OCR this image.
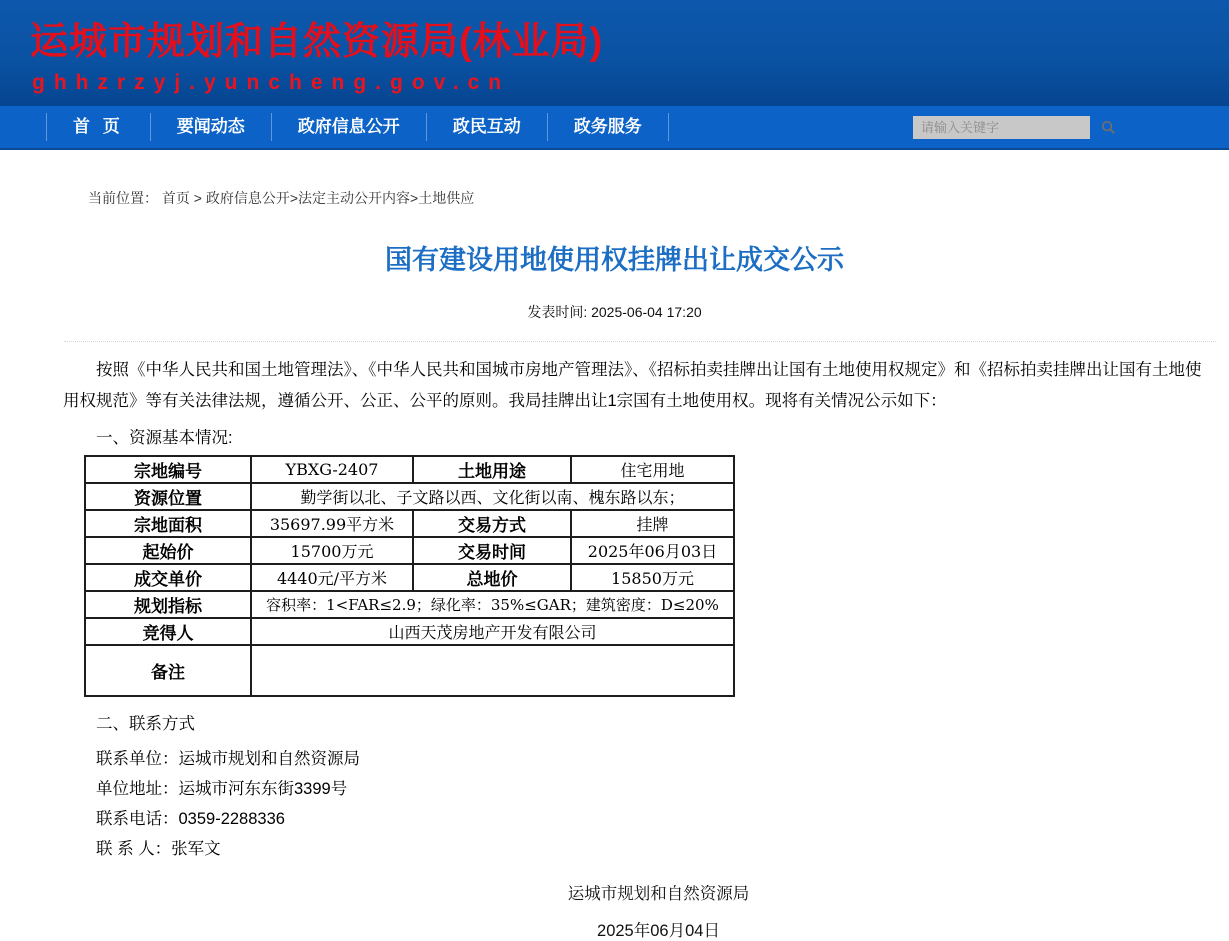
运城市规划和自然资源局(林业局)
ghhzrzyj.yuncheng.gov.cn
首 页	要闻动态	政府信息公开	政民互动	政务服务
请输入关键字
当前位置： 首页 > 政府信息公开>法定主动公开内容>土地供应
国有建设用地使用权挂牌出让成交公示
发表时间: 2025-06-04 17:20

按照《中华人民共和国土地管理法》、《中华人民共和国城市房地产管理法》、《招标拍卖挂牌出让国有土地使用权规定》和《招标拍卖挂牌出让国有土地使用权规范》等有关法律法规，遵循公开、公正、公平的原则。我局挂牌出让1宗国有土地使用权。现将有关情况公示如下：

一、资源基本情况:
宗地编号	YBXG-2407	土地用途	住宅用地
资源位置	勤学街以北、子文路以西、文化街以南、槐东路以东；		
宗地面积	35697.99平方米	交易方式	挂牌
起始价	15700万元	交易时间	2025年06月03日
成交单价	4440元/平方米	总地价	15850万元
规划指标	容积率：1<FAR≤2.9；绿化率：35%≤GAR；建筑密度：D≤20%		
竞得人	山西天茂房地产开发有限公司		
备注			
二、联系方式
联系单位：运城市规划和自然资源局
单位地址：运城市河东东街3399号
联系电话：0359-2288336
联 系 人：张军文
运城市规划和自然资源局
2025年06月04日
